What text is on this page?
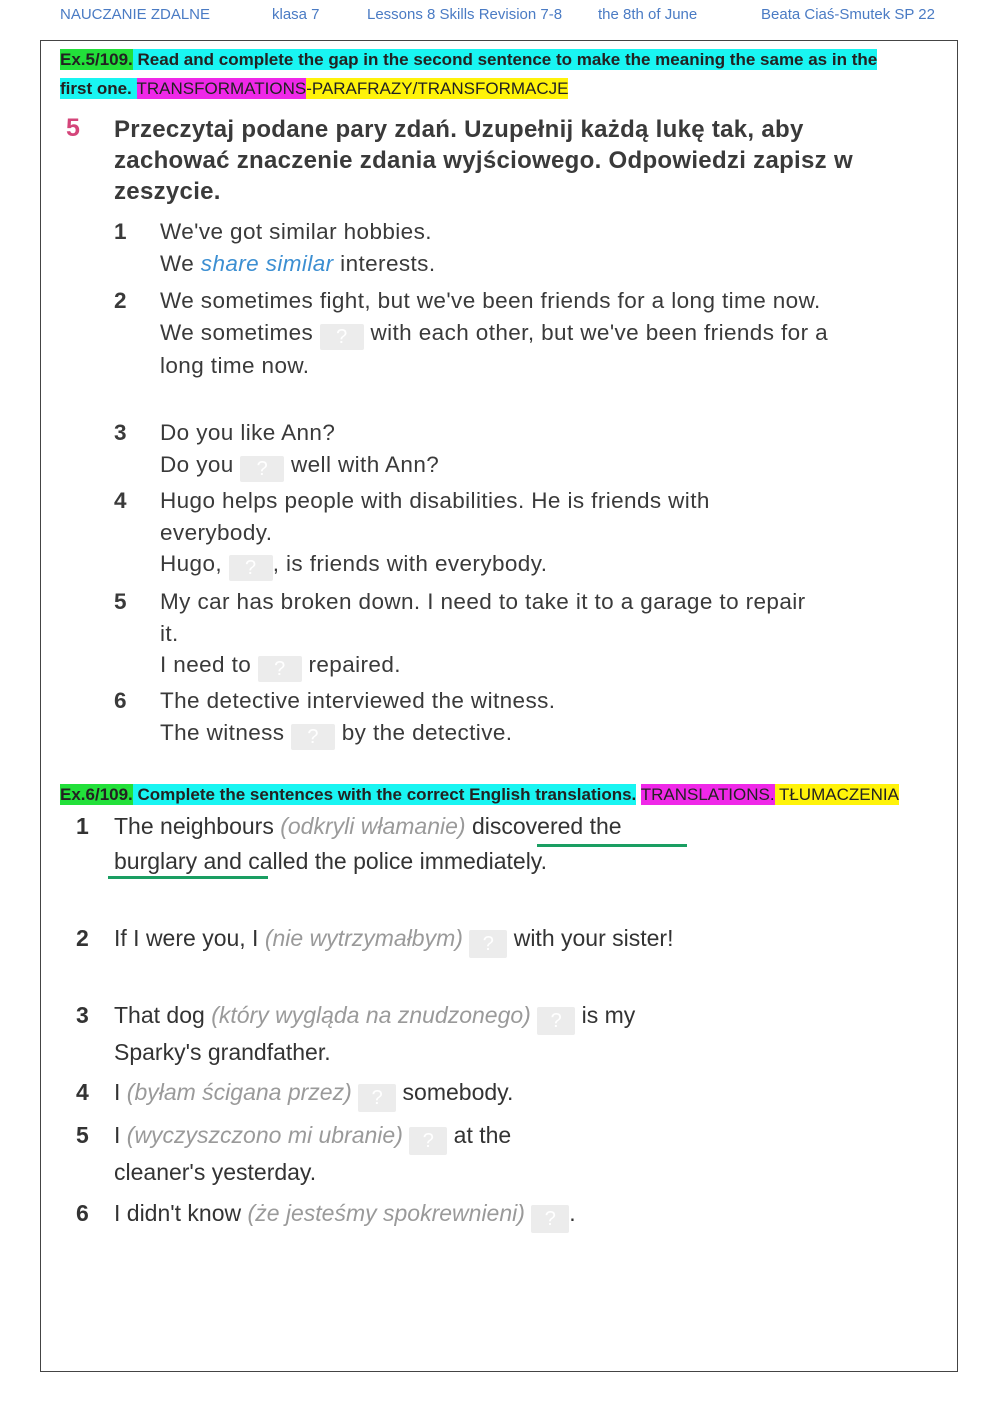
NAUCZANIE ZDALNE	klasa 7	Lessons 8 Skills Revision 7-8 the 8th of June	Beata Ciaś-Smutek SP 22
Ex.5/109. Read and complete the gap in the second sentence to make the meaning the same as in the
first one. TRANSFORMATIONS-PARAFRAZY/TRANSFORMACJE
5 Przeczytaj podane pary zdań. Uzupełnij każdą lukę tak, aby zachować znaczenie zdania wyjściowego. Odpowiedzi zapisz w zeszycie.
1 We've got similar hobbies.
We share similar interests.
2 We sometimes fight, but we've been friends for a long time now.
We sometimes ? with each other, but we've been friends for a long time now.
3 Do you like Ann?
Do you ? well with Ann?
4 Hugo helps people with disabilities. He is friends with everybody.
Hugo, ? , is friends with everybody.
5 My car has broken down. I need to take it to a garage to repair it.
I need to ? repaired.
6 The detective interviewed the witness.
The witness ? by the detective.
Ex.6/109. Complete the sentences with the correct English translations. TRANSLATIONS. TŁUMACZENIA
1 The neighbours (odkryli włamanie) discovered the burglary and called the police immediately.
2 If I were you, I (nie wytrzymałbym) ? with your sister!
3 That dog (który wygląda na znudzonego) ? is my Sparky's grandfather.
4 I (byłam ścigana przez) ? somebody.
5 I (wyczyszczono mi ubranie) ? at the cleaner's yesterday.
6 I didn't know (że jesteśmy spokrewnieni) ? .
